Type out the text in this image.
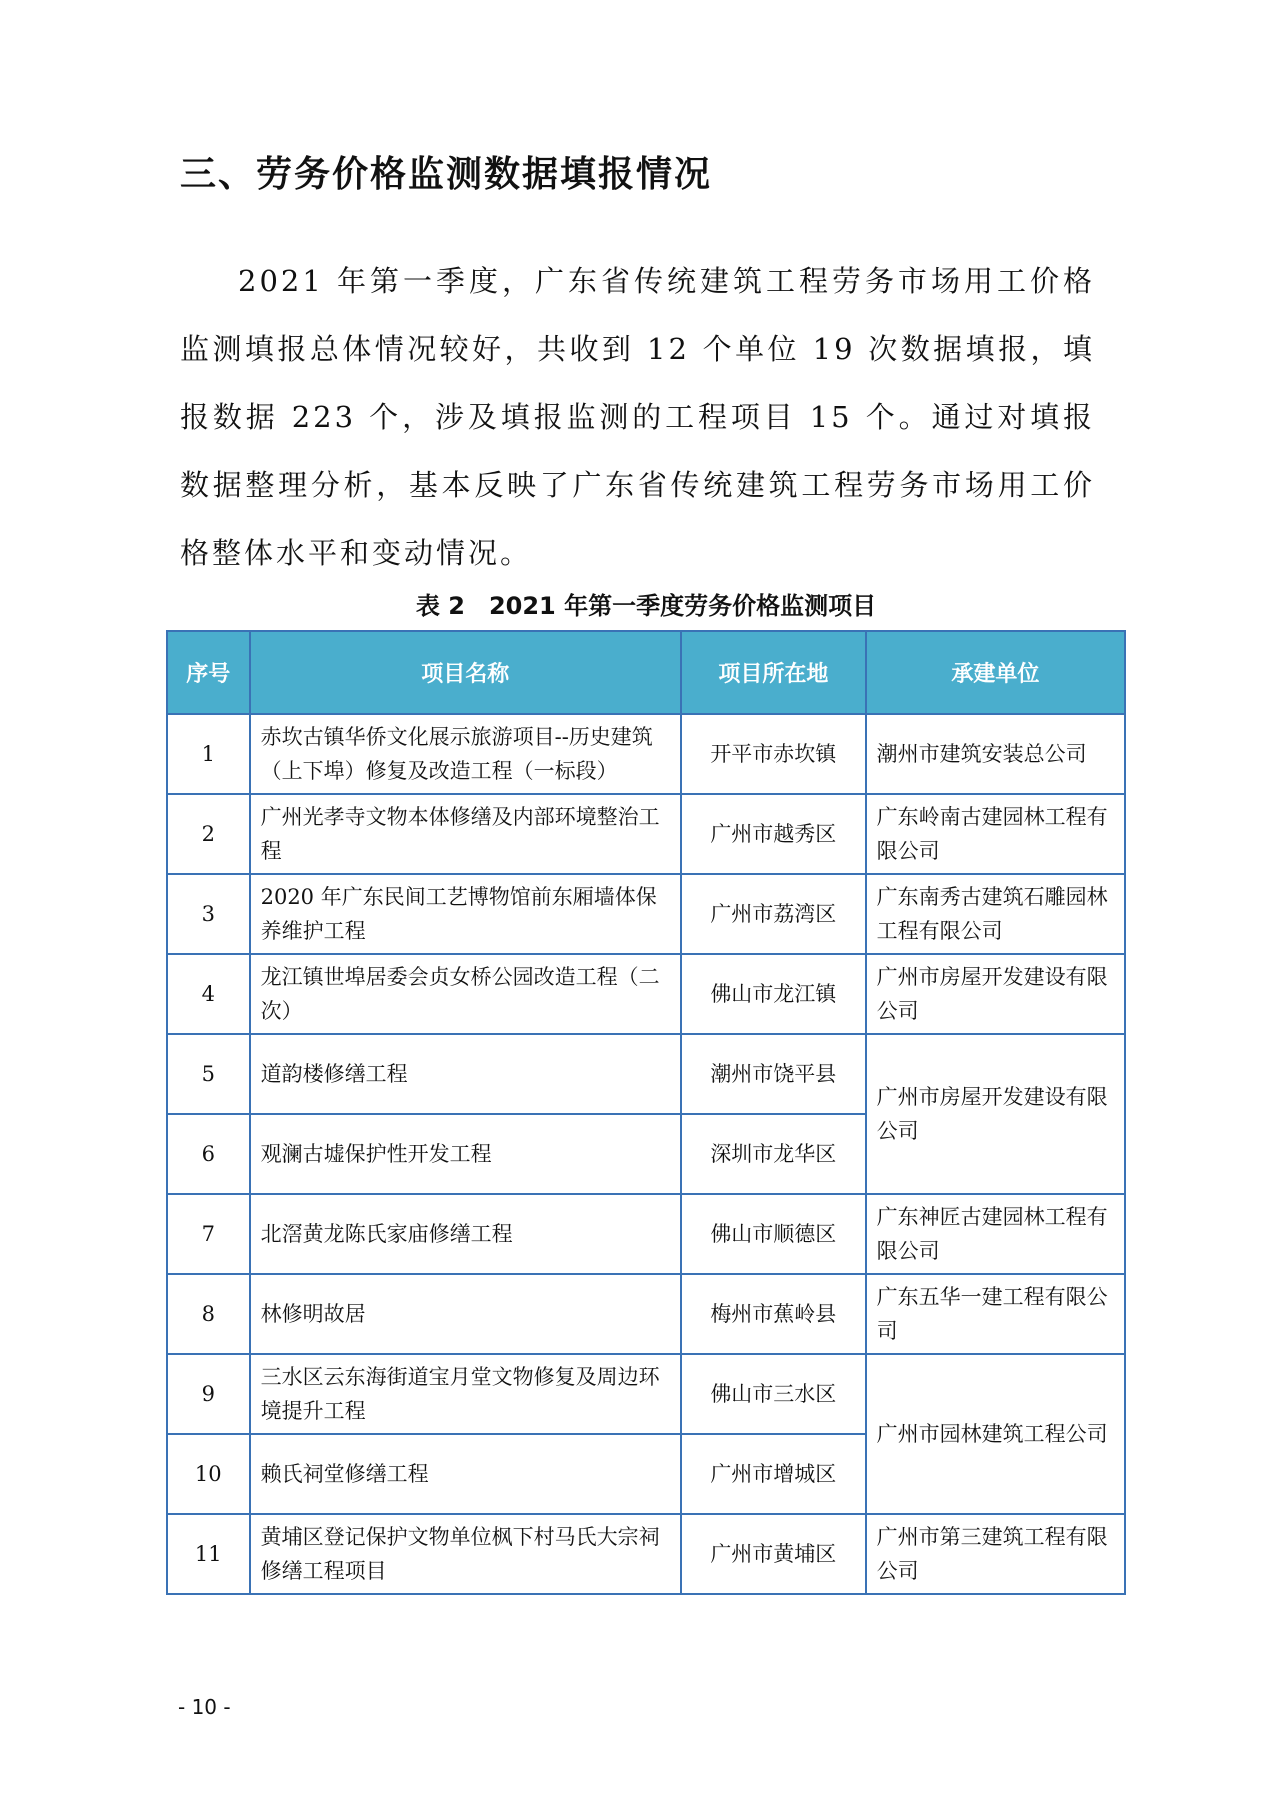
三、劳务价格监测数据填报情况

2021 年第一季度，广东省传统建筑工程劳务市场用工价格监测填报总体情况较好，共收到 12 个单位 19 次数据填报，填报数据 223 个，涉及填报监测的工程项目 15 个。通过对填报数据整理分析，基本反映了广东省传统建筑工程劳务市场用工价格整体水平和变动情况。

表 2　2021 年第一季度劳务价格监测项目

序号	项目名称	项目所在地	承建单位
1	赤坎古镇华侨文化展示旅游项目--历史建筑（上下埠）修复及改造工程（一标段）	开平市赤坎镇	潮州市建筑安装总公司
2	广州光孝寺文物本体修缮及内部环境整治工程	广州市越秀区	广东岭南古建园林工程有限公司
3	2020 年广东民间工艺博物馆前东厢墙体保养维护工程	广州市荔湾区	广东南秀古建筑石雕园林工程有限公司
4	龙江镇世埠居委会贞女桥公园改造工程（二次）	佛山市龙江镇	广州市房屋开发建设有限公司
5	道韵楼修缮工程	潮州市饶平县	广州市房屋开发建设有限公司
6	观澜古墟保护性开发工程	深圳市龙华区	
7	北滘黄龙陈氏家庙修缮工程	佛山市顺德区	广东神匠古建园林工程有限公司
8	林修明故居	梅州市蕉岭县	广东五华一建工程有限公司
9	三水区云东海街道宝月堂文物修复及周边环境提升工程	佛山市三水区	广州市园林建筑工程公司
10	赖氏祠堂修缮工程	广州市增城区	
11	黄埔区登记保护文物单位枫下村马氏大宗祠修缮工程项目	广州市黄埔区	广州市第三建筑工程有限公司

- 10 -
